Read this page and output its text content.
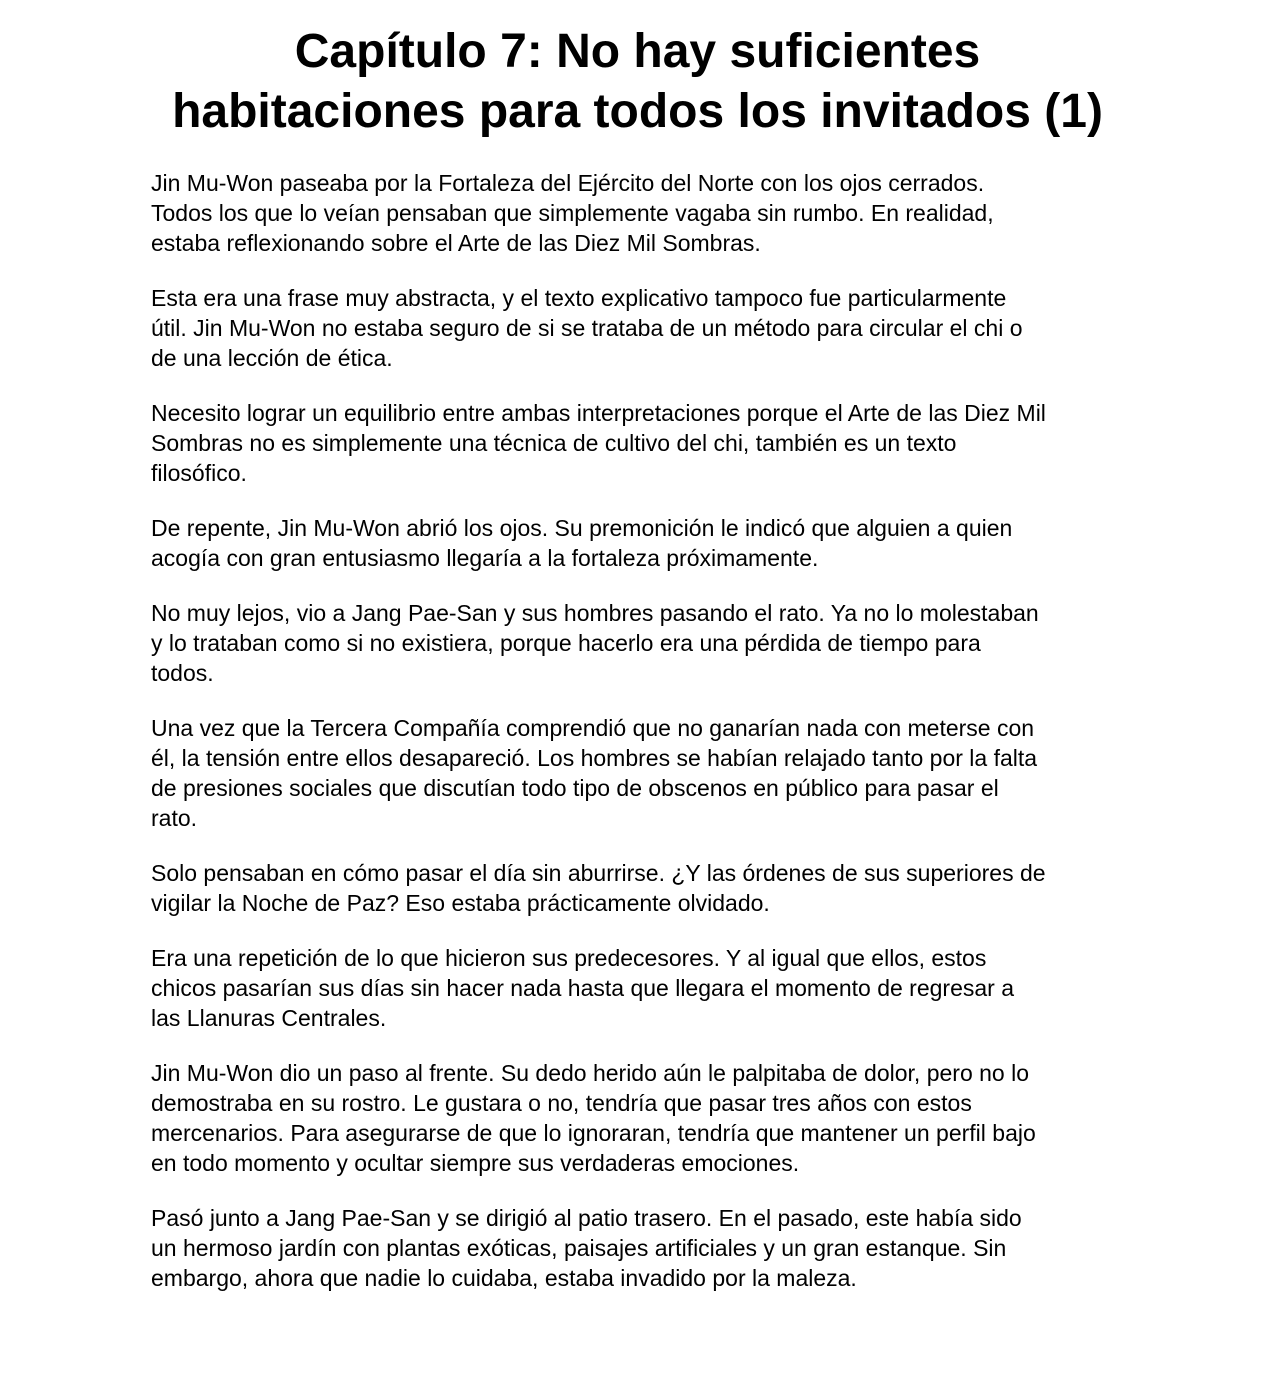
Capítulo 7: No hay suficientes
habitaciones para todos los invitados (1)

Jin Mu-Won paseaba por la Fortaleza del Ejército del Norte con los ojos cerrados.
Todos los que lo veían pensaban que simplemente vagaba sin rumbo. En realidad,
estaba reflexionando sobre el Arte de las Diez Mil Sombras.

Esta era una frase muy abstracta, y el texto explicativo tampoco fue particularmente
útil. Jin Mu-Won no estaba seguro de si se trataba de un método para circular el chi o
de una lección de ética.

Necesito lograr un equilibrio entre ambas interpretaciones porque el Arte de las Diez Mil
Sombras no es simplemente una técnica de cultivo del chi, también es un texto
filosófico.

De repente, Jin Mu-Won abrió los ojos. Su premonición le indicó que alguien a quien
acogía con gran entusiasmo llegaría a la fortaleza próximamente.

No muy lejos, vio a Jang Pae-San y sus hombres pasando el rato. Ya no lo molestaban
y lo trataban como si no existiera, porque hacerlo era una pérdida de tiempo para
todos.

Una vez que la Tercera Compañía comprendió que no ganarían nada con meterse con
él, la tensión entre ellos desapareció. Los hombres se habían relajado tanto por la falta
de presiones sociales que discutían todo tipo de obscenos en público para pasar el
rato.

Solo pensaban en cómo pasar el día sin aburrirse. ¿Y las órdenes de sus superiores de
vigilar la Noche de Paz? Eso estaba prácticamente olvidado.

Era una repetición de lo que hicieron sus predecesores. Y al igual que ellos, estos
chicos pasarían sus días sin hacer nada hasta que llegara el momento de regresar a
las Llanuras Centrales.

Jin Mu-Won dio un paso al frente. Su dedo herido aún le palpitaba de dolor, pero no lo
demostraba en su rostro. Le gustara o no, tendría que pasar tres años con estos
mercenarios. Para asegurarse de que lo ignoraran, tendría que mantener un perfil bajo
en todo momento y ocultar siempre sus verdaderas emociones.

Pasó junto a Jang Pae-San y se dirigió al patio trasero. En el pasado, este había sido
un hermoso jardín con plantas exóticas, paisajes artificiales y un gran estanque. Sin
embargo, ahora que nadie lo cuidaba, estaba invadido por la maleza.
